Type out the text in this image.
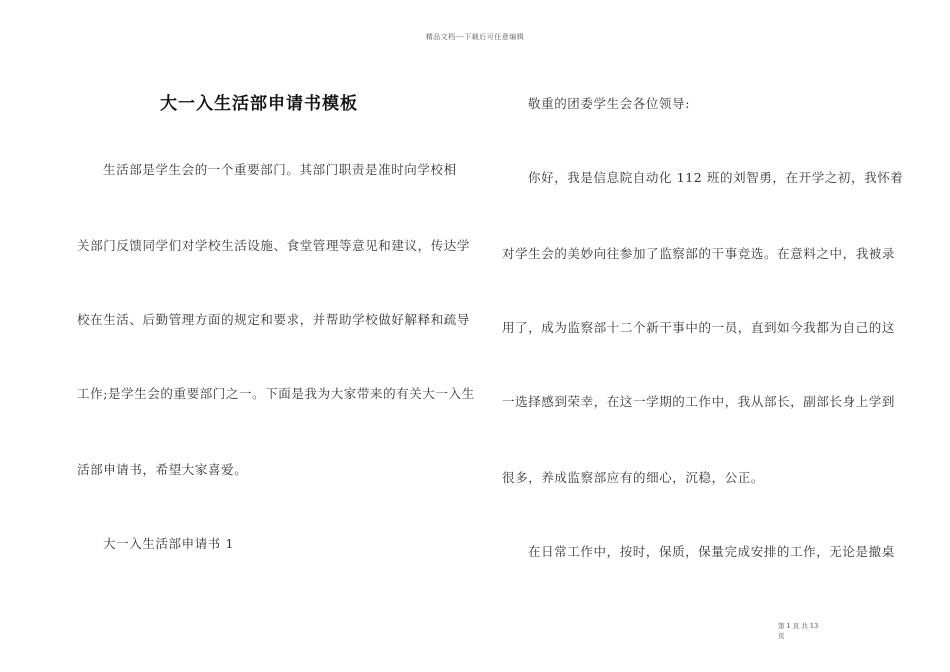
精品文档---下载后可任意编辑
大一入生活部申请书模板
生活部是学生会的一个重要部门。其部门职责是准时向学校相
关部门反馈同学们对学校生活设施、食堂管理等意见和建议，传达学
校在生活、后勤管理方面的规定和要求，并帮助学校做好解释和疏导
工作;是学生会的重要部门之一。下面是我为大家带来的有关大一入生
活部申请书，希望大家喜爱。
大一入生活部申请书 1
敬重的团委学生会各位领导:
你好，我是信息院自动化 112 班的刘智勇，在开学之初，我怀着
对学生会的美妙向往参加了监察部的干事竞选。在意料之中，我被录
用了，成为监察部十二个新干事中的一员，直到如今我都为自己的这
一选择感到荣幸，在这一学期的工作中，我从部长，副部长身上学到
很多，养成监察部应有的细心，沉稳，公正。
在日常工作中，按时，保质，保量完成安排的工作，无论是撤桌
第 1 页 共 13
页
